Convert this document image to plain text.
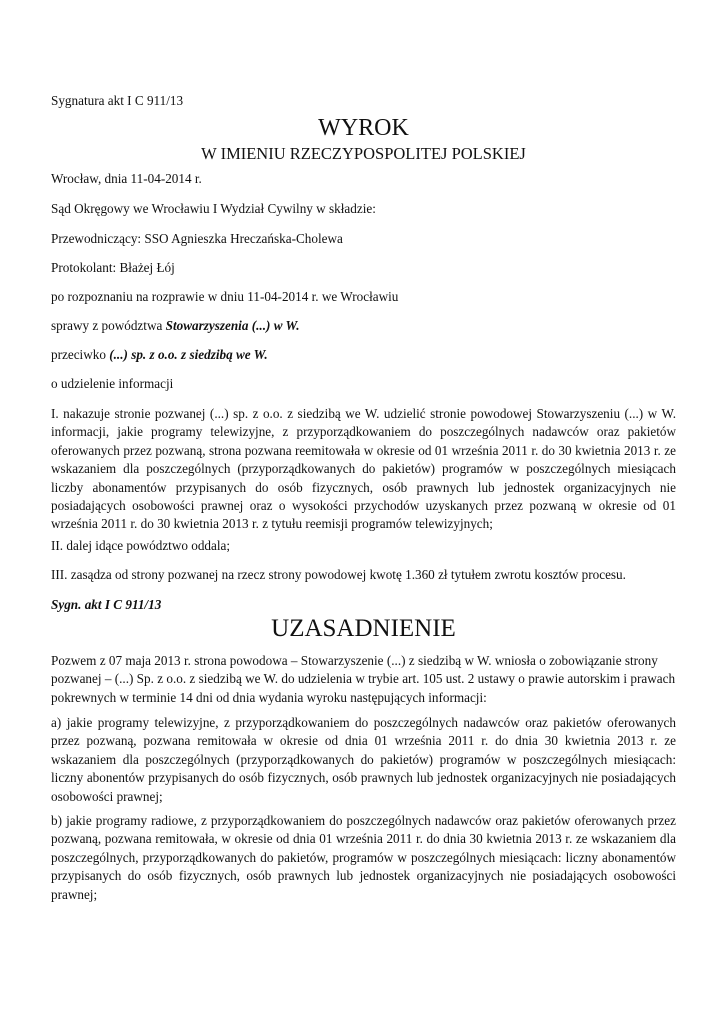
Sygnatura akt I C 911/13
WYROK
W IMIENIU RZECZYPOSPOLITEJ POLSKIEJ
Wrocław, dnia 11-04-2014 r.
Sąd Okręgowy we Wrocławiu I Wydział Cywilny w składzie:
Przewodniczący: SSO Agnieszka Hreczańska-Cholewa
Protokolant: Błażej Łój
po rozpoznaniu na rozprawie w dniu 11-04-2014 r. we Wrocławiu
sprawy z powództwa Stowarzyszenia (...) w W.
przeciwko (...) sp. z o.o. z siedzibą we W.
o udzielenie informacji
I. nakazuje stronie pozwanej (...) sp. z o.o. z siedzibą we W. udzielić stronie powodowej Stowarzyszeniu (...) w W. informacji, jakie programy telewizyjne, z przyporządkowaniem do poszczególnych nadawców oraz pakietów oferowanych przez pozwaną, strona pozwana reemitowała w okresie od 01 września 2011 r. do 30 kwietnia 2013 r. ze wskazaniem dla poszczególnych (przyporządkowanych do pakietów) programów w poszczególnych miesiącach liczby abonamentów przypisanych do osób fizycznych, osób prawnych lub jednostek organizacyjnych nie posiadających osobowości prawnej oraz o wysokości przychodów uzyskanych przez pozwaną w okresie od 01 września 2011 r. do 30 kwietnia 2013 r. z tytułu reemisji programów telewizyjnych;
II. dalej idące powództwo oddala;
III. zasądza od strony pozwanej na rzecz strony powodowej kwotę 1.360 zł tytułem zwrotu kosztów procesu.
Sygn. akt I C 911/13
UZASADNIENIE
Pozwem z 07 maja 2013 r. strona powodowa – Stowarzyszenie (...) z siedzibą w W. wniosła o zobowiązanie strony pozwanej – (...) Sp. z o.o. z siedzibą we W. do udzielenia w trybie art. 105 ust. 2 ustawy o prawie autorskim i prawach pokrewnych w terminie 14 dni od dnia wydania wyroku następujących informacji:
a) jakie programy telewizyjne, z przyporządkowaniem do poszczególnych nadawców oraz pakietów oferowanych przez pozwaną, pozwana remitowała w okresie od dnia 01 września 2011 r. do dnia 30 kwietnia 2013 r. ze wskazaniem dla poszczególnych (przyporządkowanych do pakietów) programów w poszczególnych miesiącach: liczny abonentów przypisanych do osób fizycznych, osób prawnych lub jednostek organizacyjnych nie posiadających osobowości prawnej;
b) jakie programy radiowe, z przyporządkowaniem do poszczególnych nadawców oraz pakietów oferowanych przez pozwaną, pozwana remitowała, w okresie od dnia 01 września 2011 r. do dnia 30 kwietnia 2013 r. ze wskazaniem dla poszczególnych, przyporządkowanych do pakietów, programów w poszczególnych miesiącach: liczny abonamentów przypisanych do osób fizycznych, osób prawnych lub jednostek organizacyjnych nie posiadających osobowości prawnej;
